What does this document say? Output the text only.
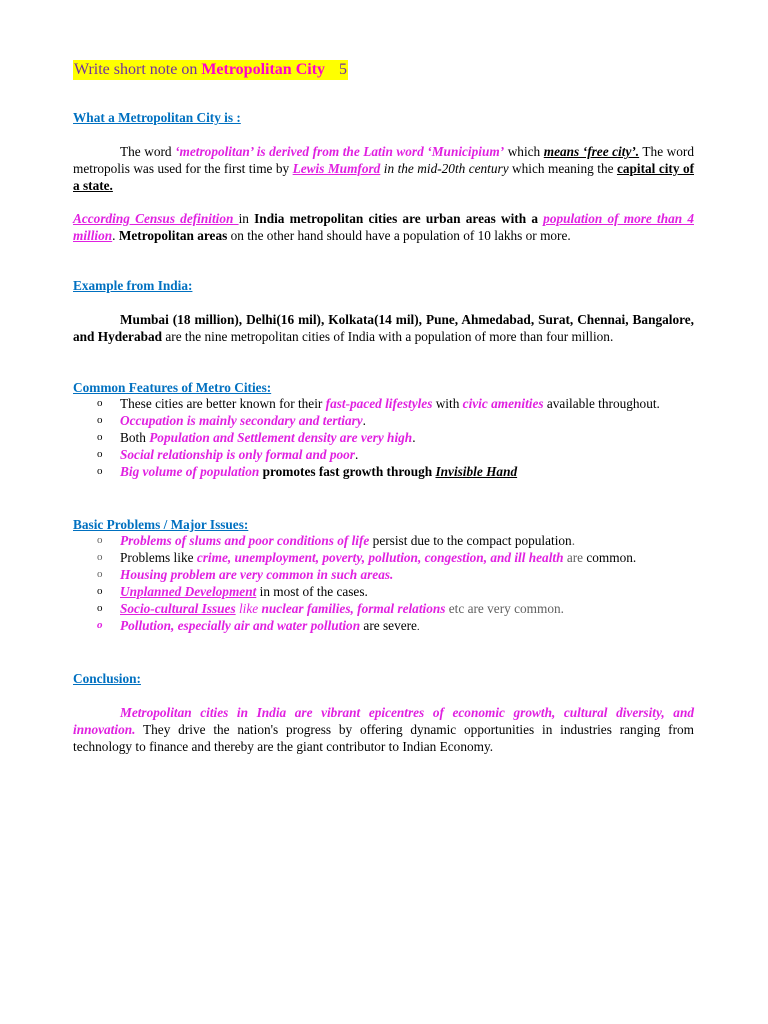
Write short note on Metropolitan City 5
What a Metropolitan City is :
The word ‘metropolitan’ is derived from the Latin word ‘Municipium’ which means ‘free city’. The word metropolis was used for the first time by Lewis Mumford in the mid-20th century which meaning the capital city of a state.
According Census definition in India metropolitan cities are urban areas with a population of more than 4 million. Metropolitan areas on the other hand should have a population of 10 lakhs or more.
Example from India:
Mumbai (18 million), Delhi(16 mil), Kolkata(14 mil), Pune, Ahmedabad, Surat, Chennai, Bangalore, and Hyderabad are the nine metropolitan cities of India with a population of more than four million.
Common Features of Metro Cities:
o These cities are better known for their fast-paced lifestyles with civic amenities available throughout.
o Occupation is mainly secondary and tertiary.
o Both Population and Settlement density are very high.
o Social relationship is only formal and poor.
o Big volume of population promotes fast growth through Invisible Hand
Basic Problems / Major Issues:
o Problems of slums and poor conditions of life persist due to the compact population.
o Problems like crime, unemployment, poverty, pollution, congestion, and ill health are common.
o Housing problem are very common in such areas.
o Unplanned Development in most of the cases.
o Socio-cultural Issues like nuclear families, formal relations etc are very common.
o Pollution, especially air and water pollution are severe.
Conclusion:
Metropolitan cities in India are vibrant epicentres of economic growth, cultural diversity, and innovation. They drive the nation's progress by offering dynamic opportunities in industries ranging from technology to finance and thereby are the giant contributor to Indian Economy.
